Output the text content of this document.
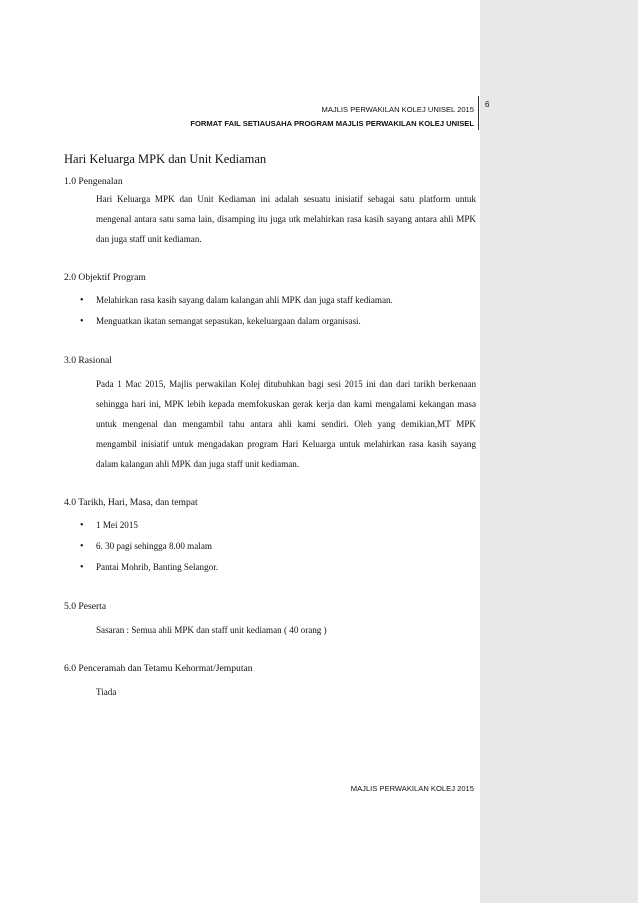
MAJLIS PERWAKILAN KOLEJ UNISEL 2015
FORMAT FAIL SETIAUSAHA PROGRAM MAJLIS PERWAKILAN KOLEJ UNISEL
6
Hari Keluarga MPK dan Unit Kediaman

1.0 Pengenalan

Hari Keluarga MPK dan Unit Kediaman ini adalah sesuatu inisiatif sebagai satu platform untuk mengenal antara satu sama lain, disamping itu juga utk melahirkan rasa kasih sayang antara ahli MPK dan juga staff unit kediaman.

2.0 Objektif Program

• Melahirkan rasa kasih sayang dalam kalangan ahli MPK dan juga staff kediaman.
• Menguatkan ikatan semangat sepasukan, kekeluargaan dalam organisasi.

3.0 Rasional

Pada 1 Mac 2015, Majlis perwakilan Kolej ditubuhkan bagi sesi 2015 ini dan dari tarikh berkenaan sehingga hari ini, MPK lebih kepada memfokuskan gerak kerja dan kami mengalami kekangan masa untuk mengenal dan mengambil tahu antara ahli kami sendiri. Oleh yang demikian,MT MPK mengambil inisiatif untuk mengadakan program Hari Keluarga untuk melahirkan rasa kasih sayang dalam kalangan ahli MPK dan juga staff unit kediaman.

4.0 Tarikh, Hari, Masa, dan tempat

• 1 Mei 2015
• 6. 30 pagi sehingga 8.00 malam
• Pantai Mohrib, Banting Selangor.

5.0 Peserta

Sasaran : Semua ahli MPK dan staff unit kediaman ( 40 orang )

6.0 Penceramah dan Tetamu Kehormat/Jemputan

Tiada

MAJLIS PERWAKILAN KOLEJ 2015
